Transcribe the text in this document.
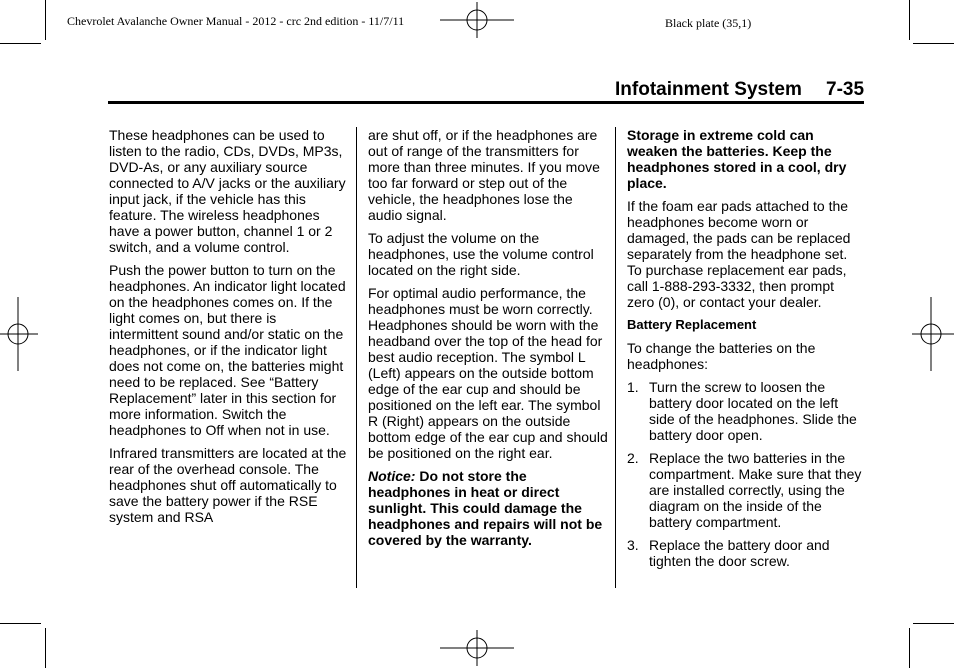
Chevrolet Avalanche Owner Manual - 2012 - crc 2nd edition - 11/7/11	Black plate (35,1)
Infotainment System 7-35

These headphones can be used to listen to the radio, CDs, DVDs, MP3s, DVD-As, or any auxiliary source connected to A/V jacks or the auxiliary input jack, if the vehicle has this feature. The wireless headphones have a power button, channel 1 or 2 switch, and a volume control.

Push the power button to turn on the headphones. An indicator light located on the headphones comes on. If the light comes on, but there is intermittent sound and/or static on the headphones, or if the indicator light does not come on, the batteries might need to be replaced. See “Battery Replacement” later in this section for more information. Switch the headphones to Off when not in use.

Infrared transmitters are located at the rear of the overhead console. The headphones shut off automatically to save the battery power if the RSE system and RSA

are shut off, or if the headphones are out of range of the transmitters for more than three minutes. If you move too far forward or step out of the vehicle, the headphones lose the audio signal.

To adjust the volume on the headphones, use the volume control located on the right side.

For optimal audio performance, the headphones must be worn correctly. Headphones should be worn with the headband over the top of the head for best audio reception. The symbol L (Left) appears on the outside bottom edge of the ear cup and should be positioned on the left ear. The symbol R (Right) appears on the outside bottom edge of the ear cup and should be positioned on the right ear.

Notice: Do not store the headphones in heat or direct sunlight. This could damage the headphones and repairs will not be covered by the warranty.

Storage in extreme cold can weaken the batteries. Keep the headphones stored in a cool, dry place.

If the foam ear pads attached to the headphones become worn or damaged, the pads can be replaced separately from the headphone set. To purchase replacement ear pads, call 1-888-293-3332, then prompt zero (0), or contact your dealer.

Battery Replacement

To change the batteries on the headphones:

1. Turn the screw to loosen the battery door located on the left side of the headphones. Slide the battery door open.
2. Replace the two batteries in the compartment. Make sure that they are installed correctly, using the diagram on the inside of the battery compartment.
3. Replace the battery door and tighten the door screw.
